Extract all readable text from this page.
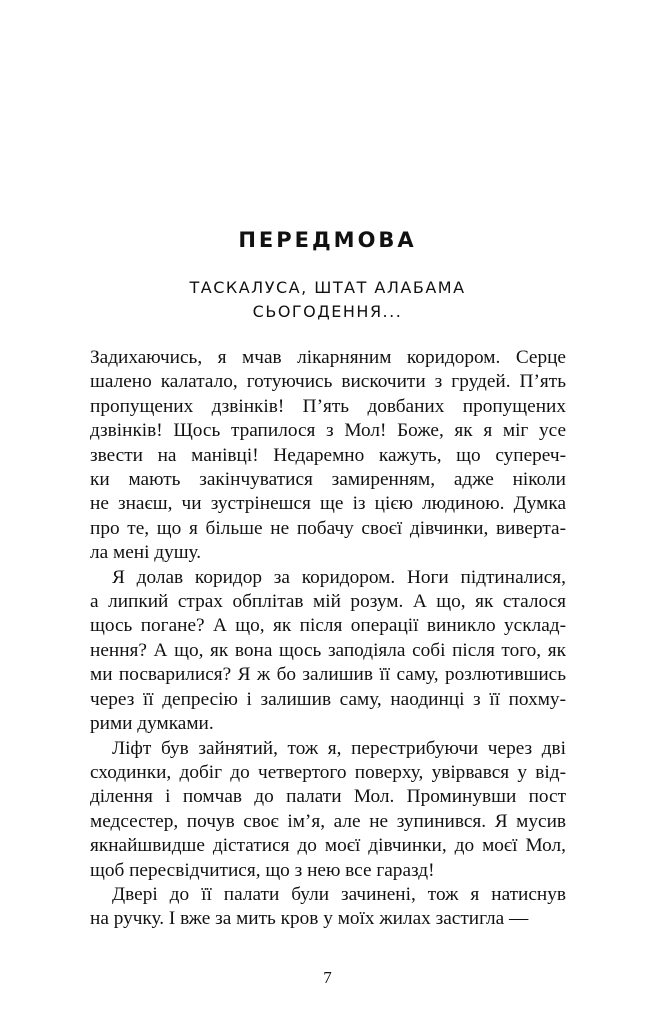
ПЕРЕДМОВА

ТАСКАЛУСА, ШТАТ АЛАБАМА

СЬОГОДЕННЯ...

Задихаючись, я мчав лікарняним коридором. Серце
шалено калатало, готуючись вискочити з грудей. П’ять
пропущених дзвінків! П’ять довбаних пропущених
дзвінків! Щось трапилося з Мол! Боже, як я міг усе
звести на манівці! Недаремно кажуть, що супереч-
ки мають закінчуватися замиренням, адже ніколи
не знаєш, чи зустрінешся ще із цією людиною. Думка
про те, що я більше не побачу своєї дівчинки, виверта-
ла мені душу.
Я долав коридор за коридором. Ноги підтиналися,
а липкий страх обплітав мій розум. А що, як сталося
щось погане? А що, як після операції виникло усклад-
нення? А що, як вона щось заподіяла собі після того, як
ми посварилися? Я ж бо залишив її саму, розлютившись
через її депресію і залишив саму, наодинці з її похму-
рими думками.
Ліфт був зайнятий, тож я, перестрибуючи через дві
сходинки, добіг до четвертого поверху, увірвався у від-
ділення і помчав до палати Мол. Проминувши пост
медсестер, почув своє ім’я, але не зупинився. Я мусив
якнайшвидше дістатися до моєї дівчинки, до моєї Мол,
щоб пересвідчитися, що з нею все гаразд!
Двері до її палати були зачинені, тож я натиснув
на ручку. І вже за мить кров у моїх жилах застигла —

7
